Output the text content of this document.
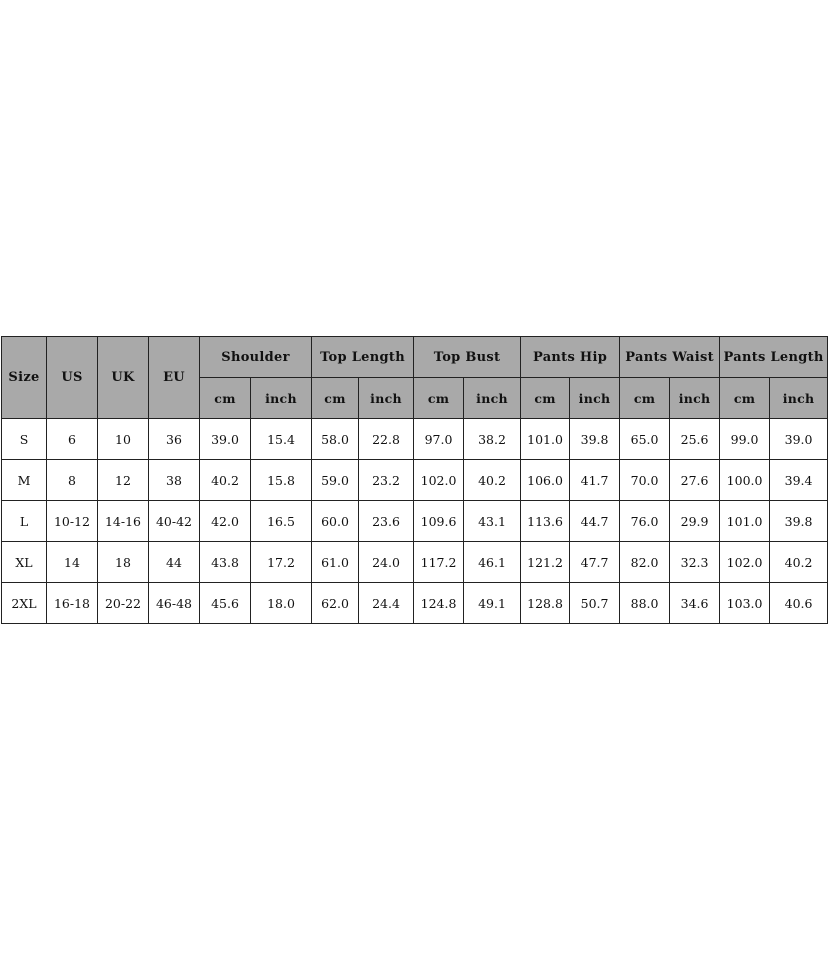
Size	US	UK	EU	Shoulder		Top Length		Top Bust		Pants Hip		Pants Waist		Pants Length	
				cm	inch	cm	inch	cm	inch	cm	inch	cm	inch	cm	inch
S	6	10	36	39.0	15.4	58.0	22.8	97.0	38.2	101.0	39.8	65.0	25.6	99.0	39.0
M	8	12	38	40.2	15.8	59.0	23.2	102.0	40.2	106.0	41.7	70.0	27.6	100.0	39.4
L	10-12	14-16	40-42	42.0	16.5	60.0	23.6	109.6	43.1	113.6	44.7	76.0	29.9	101.0	39.8
XL	14	18	44	43.8	17.2	61.0	24.0	117.2	46.1	121.2	47.7	82.0	32.3	102.0	40.2
2XL	16-18	20-22	46-48	45.6	18.0	62.0	24.4	124.8	49.1	128.8	50.7	88.0	34.6	103.0	40.6
